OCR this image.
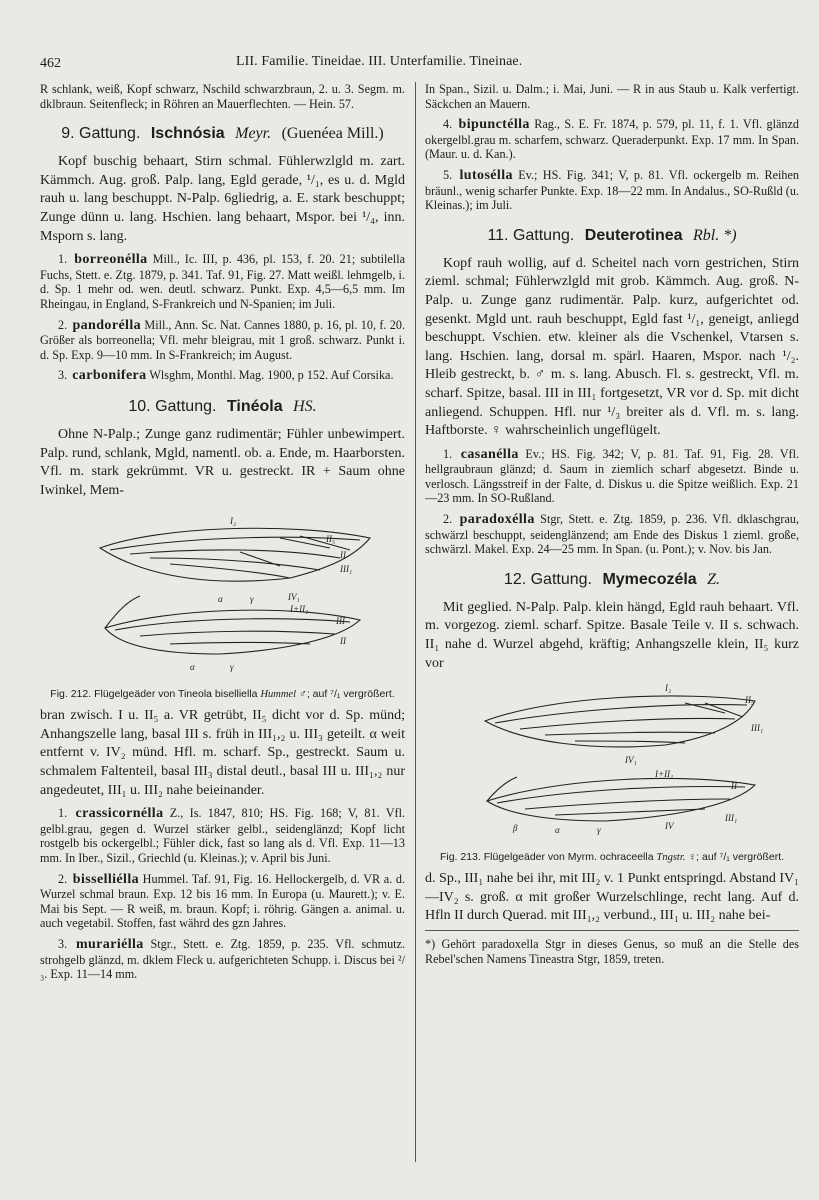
462	LII. Familie. Tineidae. III. Unterfamilie. Tineinae.

R schlank, weiß, Kopf schwarz, Nschild schwarzbraun, 2. u. 3. Segm. m. dklbraun. Seitenfleck; in Röhren an Mauerflechten. — Hein. 57.

9. Gattung. Ischnósia Meyr. (Guenéea Mill.)

Kopf buschig behaart, Stirn schmal. Fühlerwzlgld m. zart. Kämmch. Aug. groß. Palp. lang, Egld gerade, ¹/₁, es u. d. Mgld rauh u. lang beschuppt. N-Palp. 6gliedrig, a. E. stark beschuppt; Zunge dünn u. lang. Hschien. lang behaart, Mspor. bei ¹/₄, inn. Msporn s. lang.

1. borreonélla Mill., Ic. III, p. 436, pl. 153, f. 20. 21; subtilella Fuchs, Stett. e. Ztg. 1879, p. 341. Taf. 91, Fig. 27. Matt weißl. lehmgelb, i. d. Sp. 1 mehr od. wen. deutl. schwarz. Punkt. Exp. 4,5—6,5 mm. Im Rheingau, in England, S-Frankreich und N-Spanien; im Juli.

2. pandorélla Mill., Ann. Sc. Nat. Cannes 1880, p. 16, pl. 10, f. 20. Größer als borreonella; Vfl. mehr bleigrau, mit 1 groß. schwarz. Punkt i. d. Sp. Exp. 9—10 mm. In S-Frankreich; im August.

3. carbonifera Wlsghm, Monthl. Mag. 1900, p 152. Auf Corsika.

10. Gattung. Tinéola HS.

Ohne N-Palp.; Zunge ganz rudimentär; Fühler unbewimpert. Palp. rund, schlank, Mgld, namentl. ob. a. Ende, m. Haarborsten. Vfl. m. stark gekrümmt. VR u. gestreckt. IR + Saum ohne Iwinkel, Mem-

I₂
II₅
II
III₁
α	γ	IV₁
I+II₁
III
II
α	γ
Fig. 212. Flügelgeäder von Tineola biselliella Hummel ♂; auf ⁷/₁ vergrößert.

bran zwisch. I u. II₅ a. VR getrübt, II₅ dicht vor d. Sp. münd; Anhangszelle lang, basal III s. früh in III₁,₂ u. III₃ geteilt. α weit entfernt v. IV₂ münd. Hfl. m. scharf. Sp., gestreckt. Saum u. schmalem Faltenteil, basal III₃ distal deutl., basal III u. III₁,₂ nur angedeutet, III₁ u. III₂ nahe beieinander.

1. crassicornélla Z., Is. 1847, 810; HS. Fig. 168; V, 81. Vfl. gelbl.grau, gegen d. Wurzel stärker gelbl., seidenglänzd; Kopf licht rostgelb bis ockergelbl.; Fühler dick, fast so lang als d. Vfl. Exp. 11—13 mm. In Iber., Sizil., Griechld (u. Kleinas.); v. April bis Juni.

2. bisselliélla Hummel. Taf. 91, Fig. 16. Hellockergelb, d. VR a. d. Wurzel schmal braun. Exp. 12 bis 16 mm. In Europa (u. Maurett.); v. E. Mai bis Sept. — R weiß, m. braun. Kopf; i. röhrig. Gängen a. animal. u. auch vegetabil. Stoffen, fast währd des gzn Jahres.

3. murariélla Stgr., Stett. e. Ztg. 1859, p. 235. Vfl. schmutz. strohgelb glänzd, m. dklem Fleck u. aufgerichteten Schupp. i. Discus bei ²/₃. Exp. 11—14 mm.

In Span., Sizil. u. Dalm.; i. Mai, Juni. — R in aus Staub u. Kalk verfertigt. Säckchen an Mauern.

4. bipunctélla Rag., S. E. Fr. 1874, p. 579, pl. 11, f. 1. Vfl. glänzd okergelbl.grau m. scharfem, schwarz. Queraderpunkt. Exp. 17 mm. In Span. (Maur. u. d. Kan.).

5. lutosélla Ev.; HS. Fig. 341; V, p. 81. Vfl. ockergelb m. Reihen bräunl., wenig scharfer Punkte. Exp. 18—22 mm. In Andalus., SO-Rußld (u. Kleinas.); im Juli.

11. Gattung. Deuterotinea Rbl. *)

Kopf rauh wollig, auf d. Scheitel nach vorn gestrichen, Stirn zieml. schmal; Fühlerwzlgld mit grob. Kämmch. Aug. groß. N-Palp. u. Zunge ganz rudimentär. Palp. kurz, aufgerichtet od. gesenkt. Mgld unt. rauh beschuppt, Egld fast ¹/₁, geneigt, anliegd beschuppt. Vschien. etw. kleiner als die Vschenkel, Vtarsen s. lang. Hschien. lang, dorsal m. spärl. Haaren, Mspor. nach ¹/₂. Hleib gestreckt, b. ♂ m. s. lang. Abusch. Fl. s. gestreckt, Vfl. m. scharf. Spitze, basal. III in III₁ fortgesetzt, VR vor d. Sp. mit dicht anliegend. Schuppen. Hfl. nur ¹/₃ breiter als d. Vfl. m. s. lang. Haftborste. ♀ wahrscheinlich ungeflügelt.

1. casanélla Ev.; HS. Fig. 342; V, p. 81. Taf. 91, Fig. 28. Vfl. hellgraubraun glänzd; d. Saum in ziemlich scharf abgesetzt. Binde u. verlosch. Längsstreif in der Falte, d. Diskus u. die Spitze weißlich. Exp. 21—23 mm. In SO-Rußland.

2. paradoxélla Stgr, Stett. e. Ztg. 1859, p. 236. Vfl. dklaschgrau, schwärzl beschuppt, seidenglänzend; am Ende des Diskus 1 zieml. große, schwärzl. Makel. Exp. 24—25 mm. In Span. (u. Pont.); v. Nov. bis Jan.

12. Gattung. Mymecozéla Z.

Mit geglied. N-Palp. Palp. klein hängd, Egld rauh behaart. Vfl. m. vorgezog. zieml. scharf. Spitze. Basale Teile v. II s. schwach. II₁ nahe d. Wurzel abgehd, kräftig; Anhangszelle klein, II₅ kurz vor

I₂
II₅
III₁
IV₁
I+II₁
II
β	α	γ	IV
III₁
Fig. 213. Flügelgeäder von Myrm. ochraceella Tngstr. ♀; auf ⁷/₁ vergrößert.

d. Sp., III₁ nahe bei ihr, mit III₂ v. 1 Punkt entspringd. Abstand IV₁—IV₂ s. groß. α mit großer Wurzelschlinge, recht lang. Auf d. Hfln II durch Querad. mit III₁,₂ verbund., III₁ u. III₂ nahe bei-

*) Gehört paradoxella Stgr in dieses Genus, so muß an die Stelle des Rebel'schen Namens Tineastra Stgr, 1859, treten.
